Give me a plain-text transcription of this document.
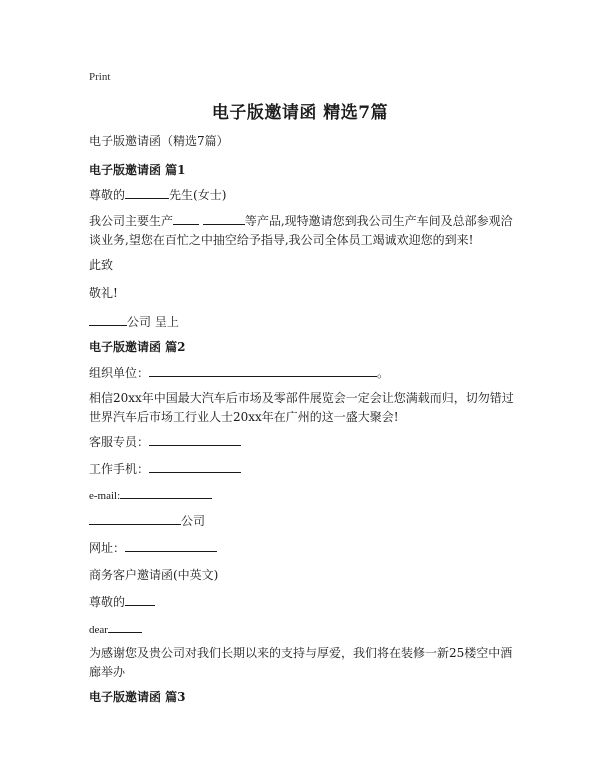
Print
电子版邀请函 精选7篇
电子版邀请函（精选7篇）
电子版邀请函 篇1
尊敬的	先生(女士)
我公司主要生产	等产品,现特邀请您到我公司生产车间及总部参观洽谈业务,望您在百忙之中抽空给予指导,我公司全体员工竭诚欢迎您的到来!
此致
敬礼!
公司 呈上
电子版邀请函 篇2
组织单位：	。
相信20xx年中国最大汽车后市场及零部件展览会一定会让您满载而归，切勿错过世界汽车后市场工行业人士20xx年在广州的这一盛大聚会!
客服专员：
工作手机：
e-mail:
公司
网址：
商务客户邀请函(中英文)
尊敬的
dear
为感谢您及贵公司对我们长期以来的支持与厚爱，我们将在装修一新25楼空中酒廊举办
电子版邀请函 篇3
